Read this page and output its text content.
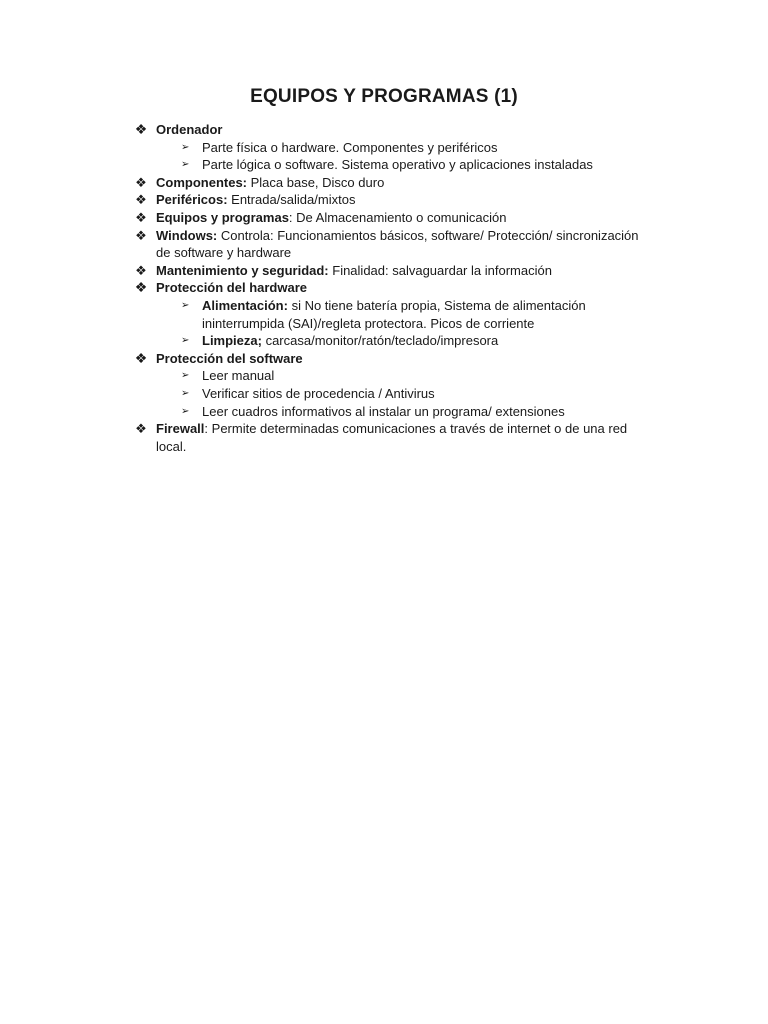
EQUIPOS Y PROGRAMAS (1)
❖ Ordenador
➢ Parte física o hardware. Componentes y periféricos
➢ Parte lógica o software. Sistema operativo y aplicaciones instaladas
❖ Componentes: Placa base, Disco duro
❖ Periféricos: Entrada/salida/mixtos
❖ Equipos y programas: De Almacenamiento o comunicación
❖ Windows: Controla: Funcionamientos básicos, software/ Protección/ sincronización de software y hardware
❖ Mantenimiento y seguridad: Finalidad: salvaguardar la información
❖ Protección del hardware
➢ Alimentación: si No tiene batería propia, Sistema de alimentación ininterrumpida (SAI)/regleta protectora. Picos de corriente
➢ Limpieza; carcasa/monitor/ratón/teclado/impresora
❖ Protección del software
➢ Leer manual
➢ Verificar sitios de procedencia / Antivirus
➢ Leer cuadros informativos al instalar un programa/ extensiones
❖ Firewall: Permite determinadas comunicaciones a través de internet o de una red local.
